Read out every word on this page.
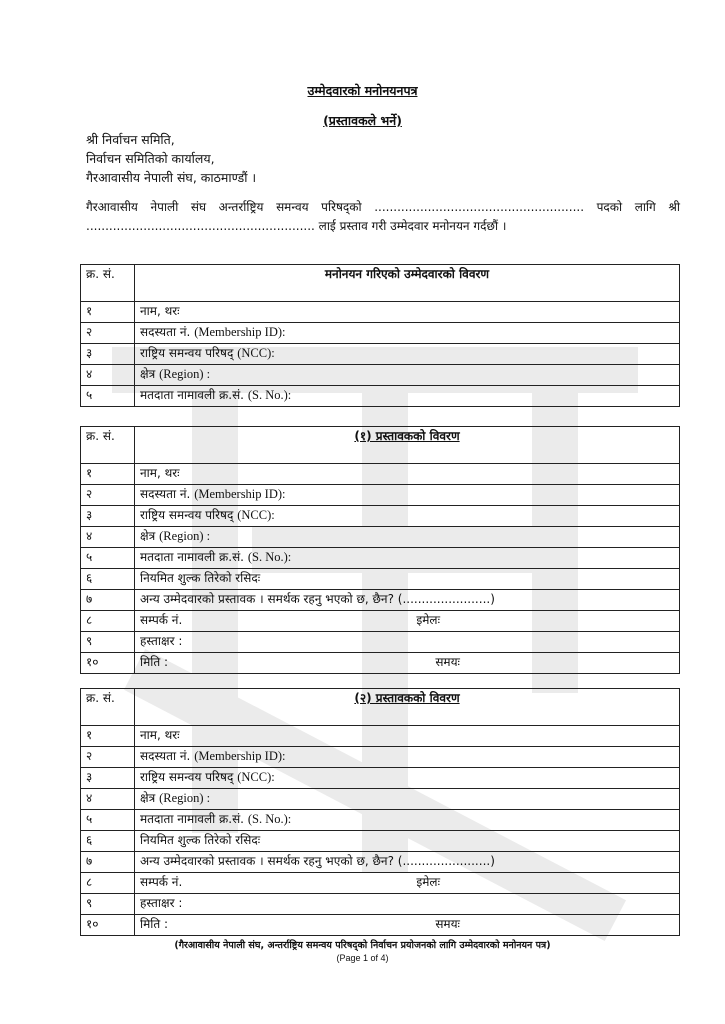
उम्मेदवारको मनोनयनपत्र
(प्रस्तावकले भर्ने)
श्री निर्वाचन समिति,
निर्वाचन समितिको कार्यालय,
गैरआवासीय नेपाली संघ, काठमाण्डौं ।
गैरआवासीय नेपाली संघ अन्तर्राष्ट्रिय समन्वय परिषद्को ....................................................... पदको लागि श्री ............................................................ लाई प्रस्ताव गरी उम्मेदवार मनोनयन गर्दछौं ।
क्र. सं.	मनोनयन गरिएको उम्मेदवारको विवरण
१	नाम, थरः
२	सदस्यता नं. (Membership ID):
३	राष्ट्रिय समन्वय परिषद् (NCC):
४	क्षेत्र (Region) :
५	मतदाता नामावली क्र.सं. (S. No.):
क्र. सं.	(१) प्रस्तावकको विवरण
१	नाम, थरः
२	सदस्यता नं. (Membership ID):
३	राष्ट्रिय समन्वय परिषद् (NCC):
४	क्षेत्र (Region) :
५	मतदाता नामावली क्र.सं. (S. No.):
६	नियमित शुल्क तिरेको रसिदः
७	अन्य उम्मेदवारको प्रस्तावक । समर्थक रहनु भएको छ, छैन? (.......................)
८	सम्पर्क नं. इमेलः

९	हस्ताक्षर :
१०	मिति : समयः
क्र. सं.	(२) प्रस्तावकको विवरण
१	नाम, थरः
२	सदस्यता नं. (Membership ID):
३	राष्ट्रिय समन्वय परिषद् (NCC):
४	क्षेत्र (Region) :
५	मतदाता नामावली क्र.सं. (S. No.):
६	नियमित शुल्क तिरेको रसिदः
७	अन्य उम्मेदवारको प्रस्तावक । समर्थक रहनु भएको छ, छैन? (.......................)
८	सम्पर्क नं. इमेलः

९	हस्ताक्षर :
१०	मिति : समयः
(गैरआवासीय नेपाली संघ, अन्तर्राष्ट्रिय समन्वय परिषद्को निर्वाचन प्रयोजनको लागि उम्मेदवारको मनोनयन पत्र)
(Page 1 of 4)
